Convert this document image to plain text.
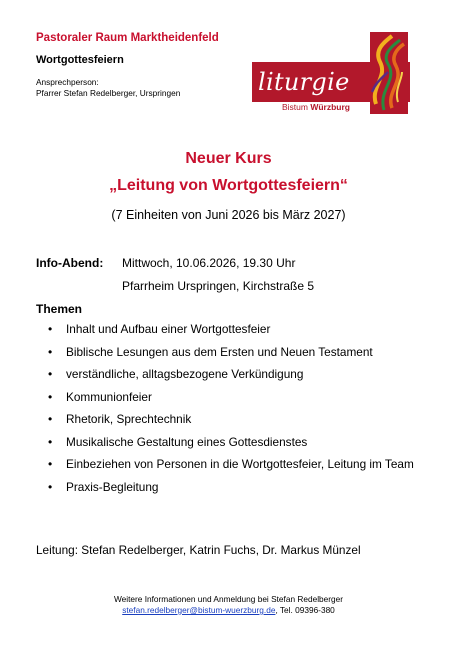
Pastoraler Raum Marktheidenfeld
Wortgottesfeiern
Ansprechperson:
Pfarrer Stefan Redelberger, Urspringen	liturgie
Bistum Würzburg
Neuer Kurs
„Leitung von Wortgottesfeiern“
(7 Einheiten von Juni 2026 bis März 2027)
Info-Abend: Mittwoch, 10.06.2026, 19.30 Uhr
Pfarrheim Urspringen, Kirchstraße 5
Themen
• Inhalt und Aufbau einer Wortgottesfeier
• Biblische Lesungen aus dem Ersten und Neuen Testament
• verständliche, alltagsbezogene Verkündigung
• Kommunionfeier
• Rhetorik, Sprechtechnik
• Musikalische Gestaltung eines Gottesdienstes
• Einbeziehen von Personen in die Wortgottesfeier, Leitung im Team
• Praxis-Begleitung
Leitung: Stefan Redelberger, Katrin Fuchs, Dr. Markus Münzel
Weitere Informationen und Anmeldung bei Stefan Redelberger
stefan.redelberger@bistum-wuerzburg.de, Tel. 09396-380
